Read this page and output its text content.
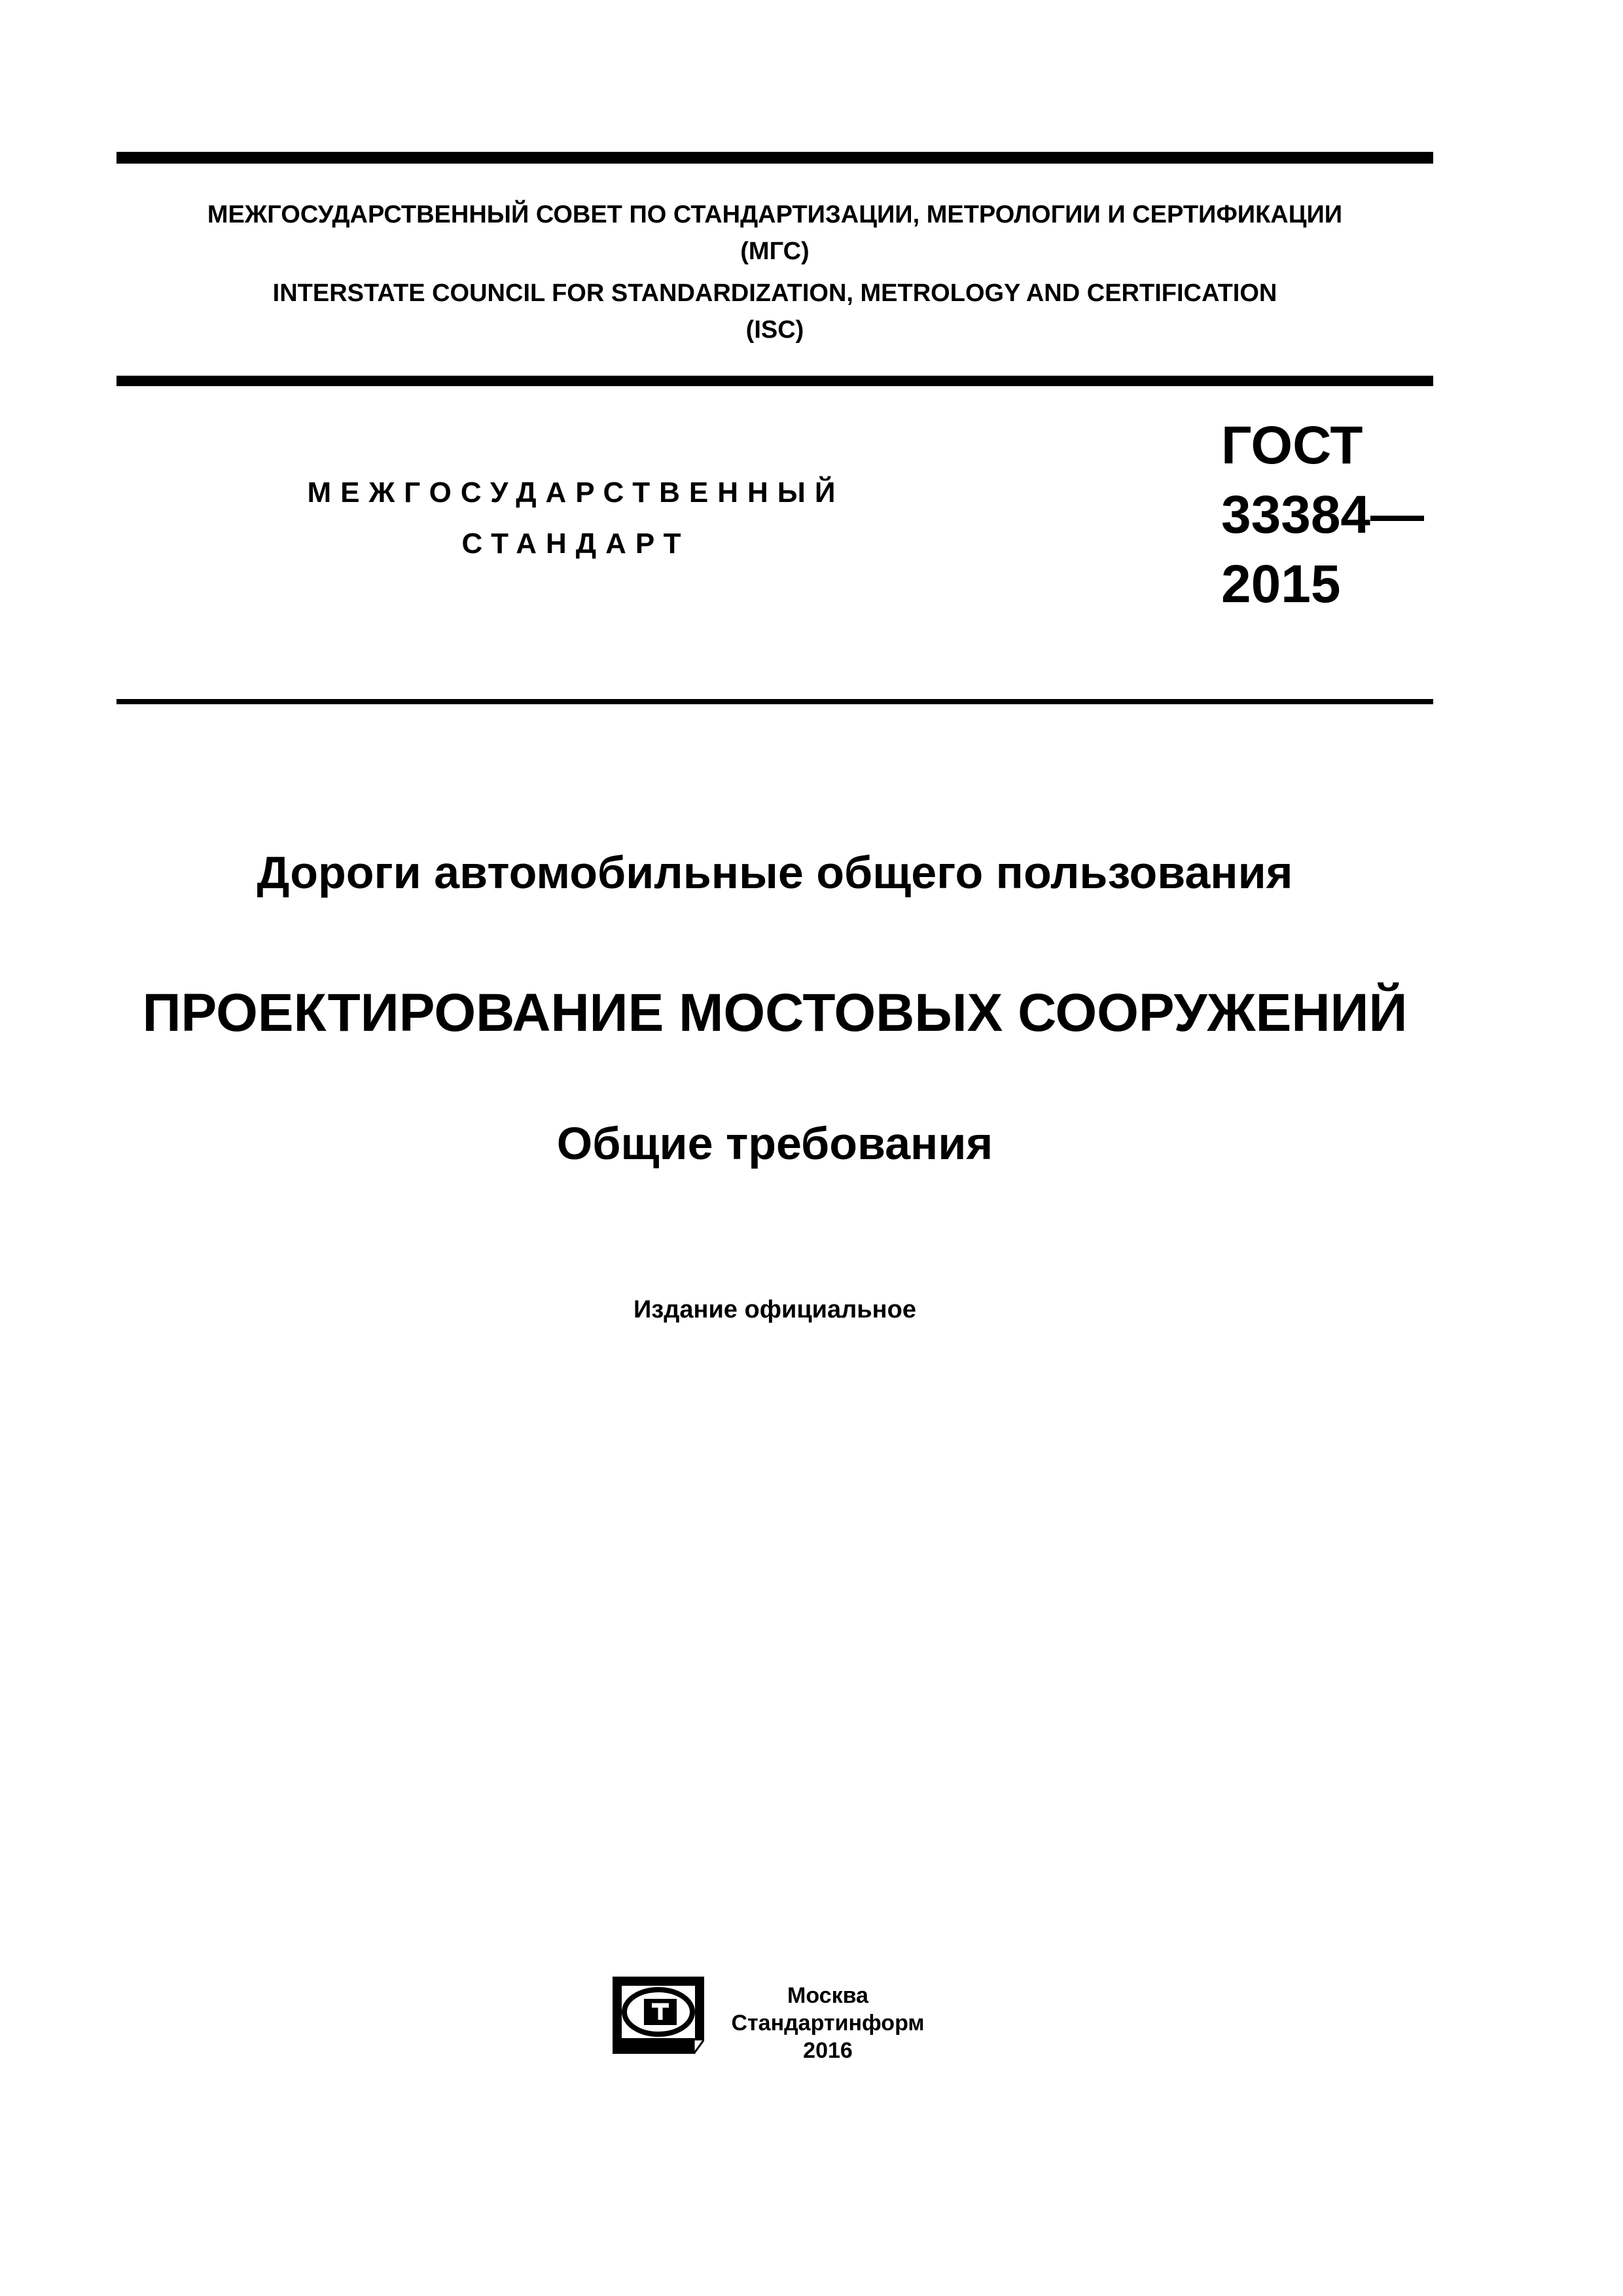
МЕЖГОСУДАРСТВЕННЫЙ СОВЕТ ПО СТАНДАРТИЗАЦИИ, МЕТРОЛОГИИ И СЕРТИФИКАЦИИ

(МГС)

INTERSTATE COUNCIL FOR STANDARDIZATION, METROLOGY AND CERTIFICATION

(ISC)

МЕЖГОСУДАРСТВЕННЫЙ
СТАНДАРТ
ГОСТ
33384—
2015
Дороги автомобильные общего пользования
ПРОЕКТИРОВАНИЕ МОСТОВЫХ СООРУЖЕНИЙ
Общие требования
Издание официальное
Москва
Стандартинформ
2016
